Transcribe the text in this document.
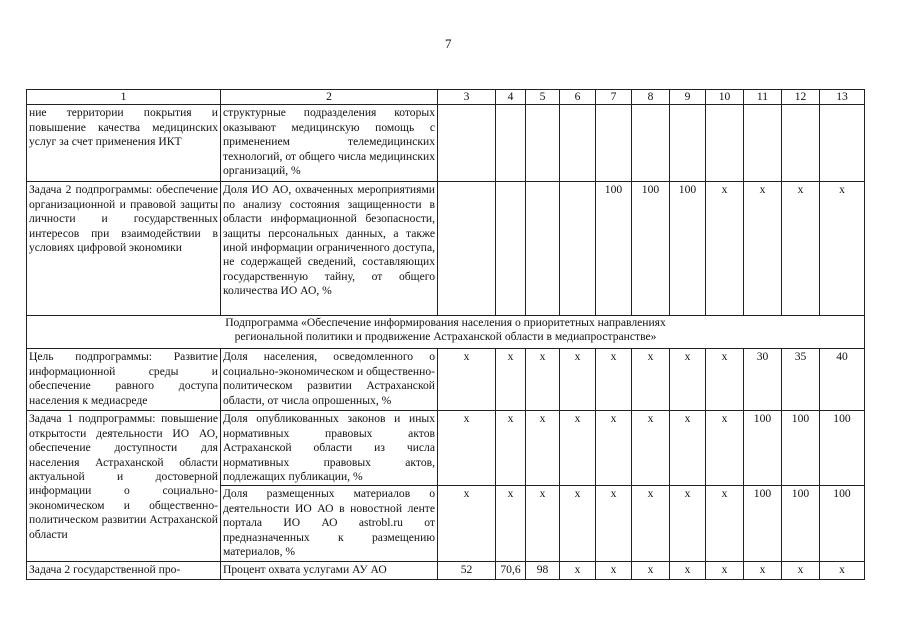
7
1	2	3	4	5	6	7	8	9	10	11	12	13
ние территории покрытия и повышение качества медицинских услуг за счет применения ИКТ	структурные подразделения которых оказывают медицинскую помощь с применением телемедицинских технологий, от общего числа медицинских организаций, %											
Задача 2 подпрограммы: обеспечение организационной и правовой защиты личности и государственных интересов при взаимодействии в условиях цифровой экономики	Доля ИО АО, охваченных мероприятиями по анализу состояния защищенности в области информационной безопасности, защиты персональных данных, а также иной информации ограниченного доступа, не содержащей сведений, составляющих государственную тайну, от общего количества ИО АО, %					100	100	100	х	х	х	х

Подпрограмма «Обеспечение информирования населения о приоритетных направлениях
региональной политики и продвижение Астраханской области в медиапространстве»												

Цель подпрограммы: Развитие информационной среды и обеспечение равного доступа населения к медиасреде	Доля населения, осведомленного о социально-экономическом и общественно-политическом развитии Астраханской области, от числа опрошенных, %	х	х	х	х	х	х	х	х	30	35	40
Задача 1 подпрограммы: повышение открытости деятельности ИО АО, обеспечение доступности для населения Астраханской области актуальной и достоверной информации о социально-экономическом и общественно-политическом развитии Астраханской области	Доля опубликованных законов и иных нормативных правовых актов Астраханской области из числа нормативных правовых актов, подлежащих публикации, %	х	х	х	х	х	х	х	х	100	100	100
	Доля размещенных материалов о деятельности ИО АО в новостной ленте портала ИО АО astrobl.ru от предназначенных к размещению материалов, %	х	х	х	х	х	х	х	х	100	100	100
Задача 2 государственной про-	Процент охвата услугами АУ АО	52	70,6	98	х	х	х	х	х	х	х	х
